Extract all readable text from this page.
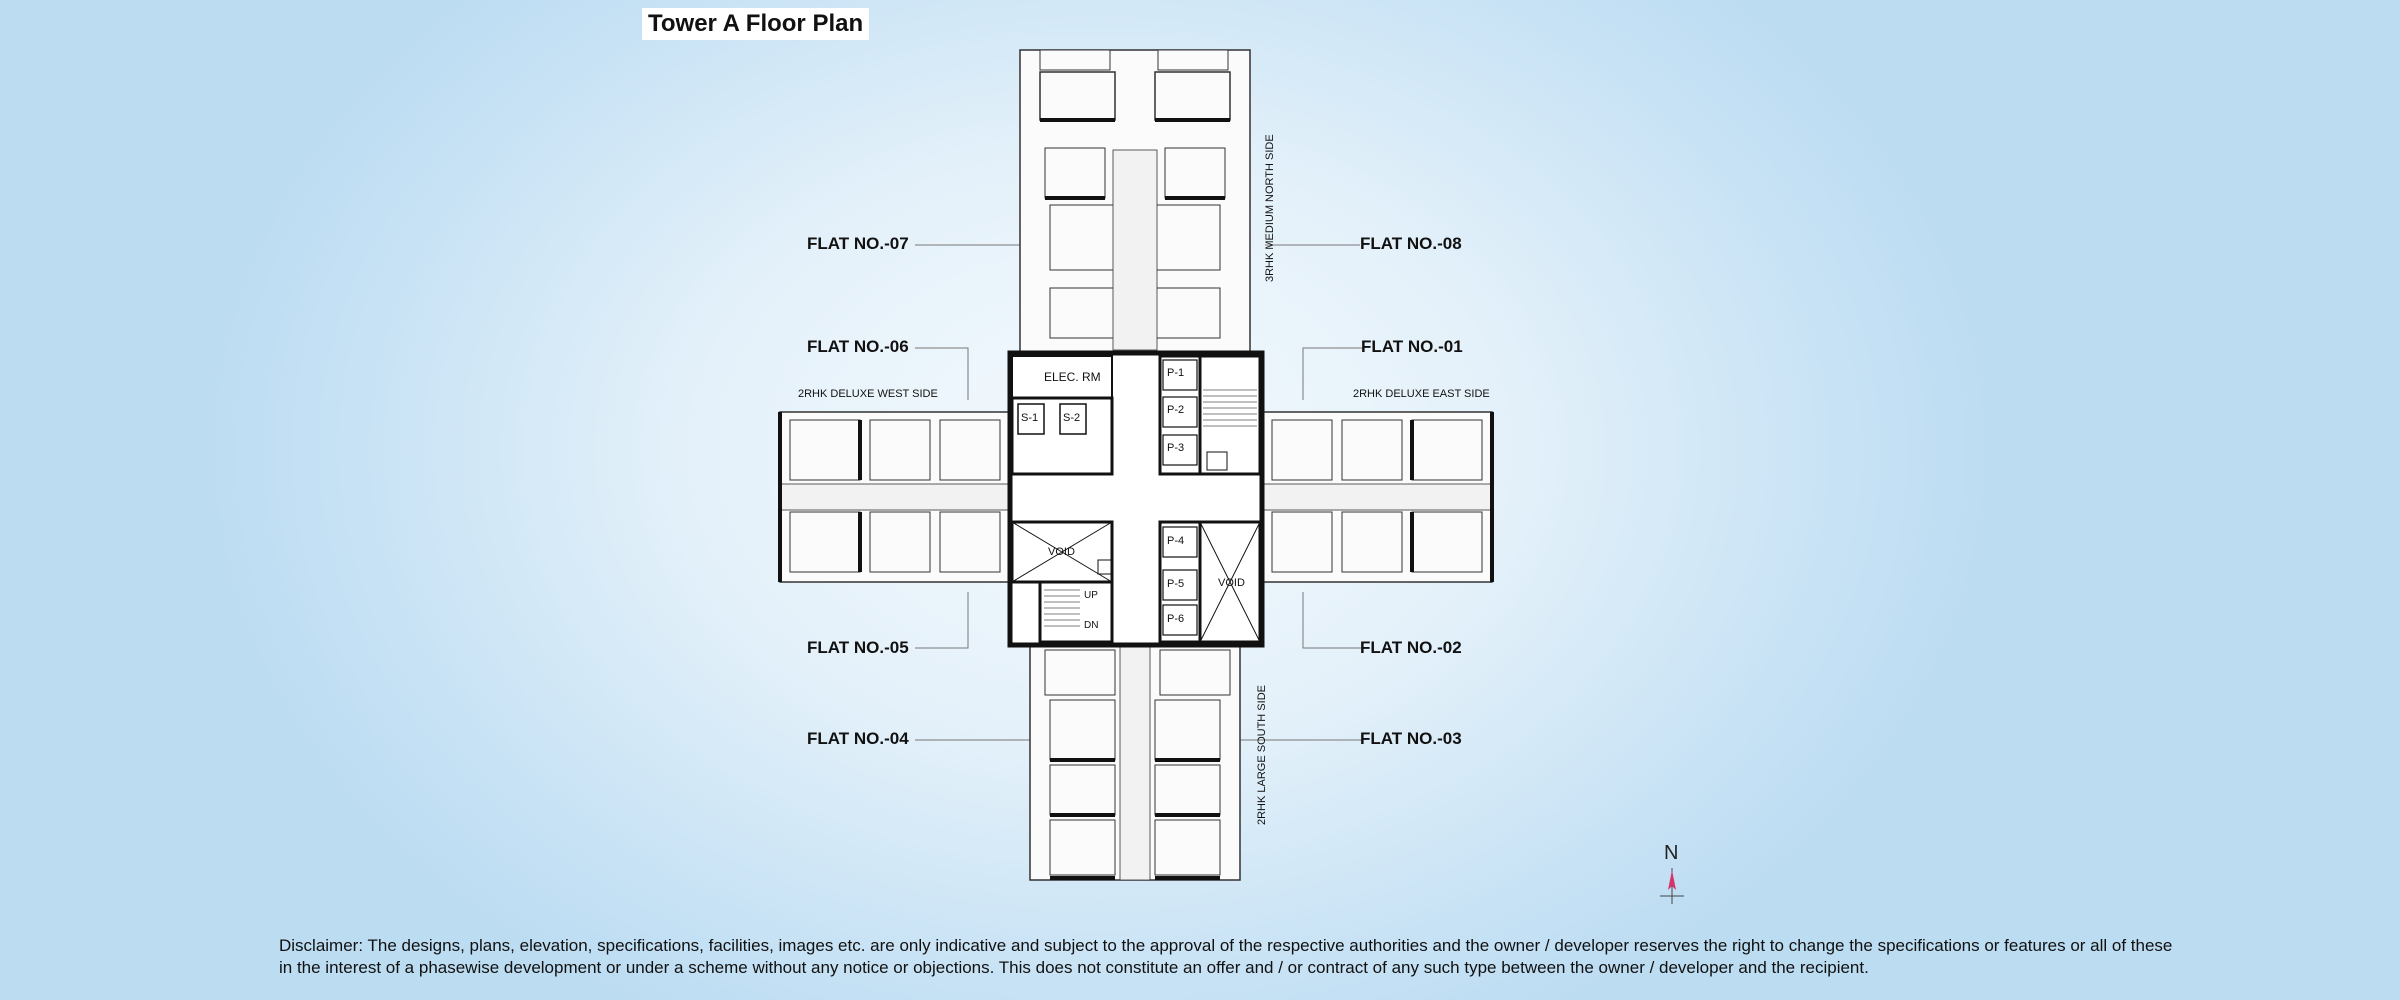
Tower A Floor Plan
ELEC. RM
S-1 S-2
P-1
P-2
P-3
P-4
P-5
P-6
VOID
VOID
UP
DN
FLAT NO.-07	FLAT NO.-08
FLAT NO.-06	FLAT NO.-01
FLAT NO.-05	FLAT NO.-02
FLAT NO.-04	FLAT NO.-03
2RHK DELUXE WEST SIDE	2RHK DELUXE EAST SIDE
3RHK MEDIUM NORTH SIDE
2RHK LARGE SOUTH SIDE
N
Disclaimer: The designs, plans, elevation, specifications, facilities, images etc. are only indicative and subject to the approval of the respective authorities and the owner / developer reserves the right to change the specifications or features or all of these in the interest of a phasewise development or under a scheme without any notice or objections. This does not constitute an offer and / or contract of any such type between the owner / developer and the recipient.
